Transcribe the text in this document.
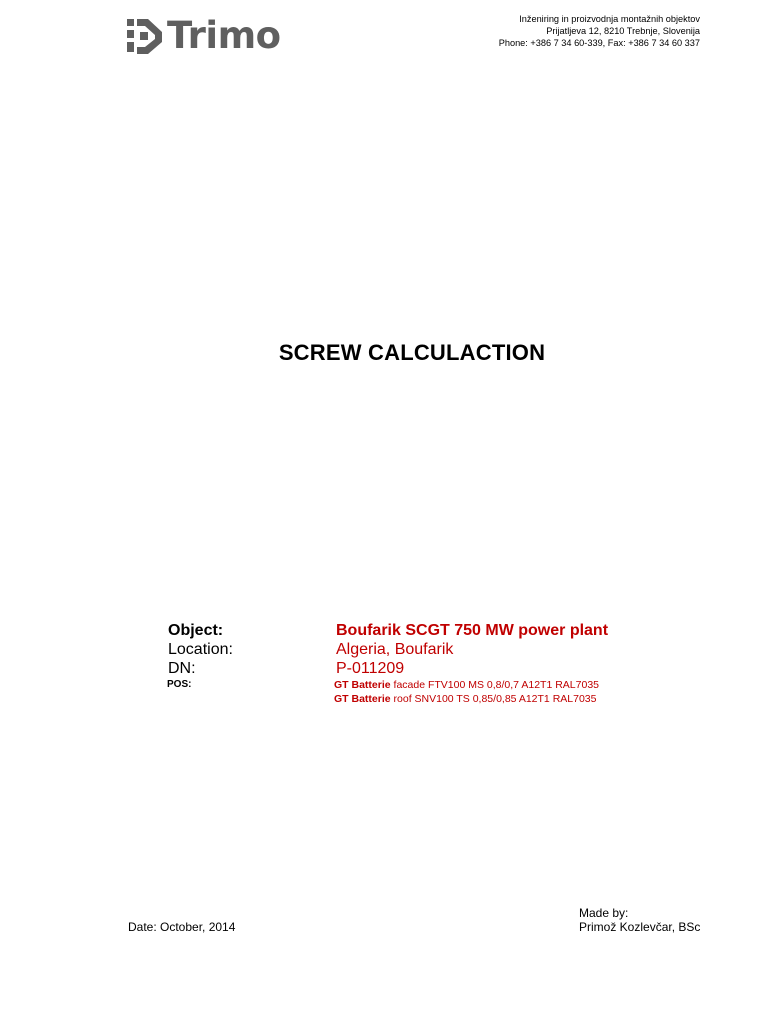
Trimo	Inženiring in proizvodnja montažnih objektov
Prijatljeva 12, 8210 Trebnje, Slovenija
Phone: +386 7 34 60-339, Fax: +386 7 34 60 337
SCREW CALCULACTION
Object:	Boufarik SCGT 750 MW power plant
Location:	Algeria, Boufarik
DN:	P-011209
POS:	GT Batterie facade FTV100 MS 0,8/0,7 A12T1 RAL7035
GT Batterie roof SNV100 TS 0,85/0,85 A12T1 RAL7035
Date: October, 2014
Made by:
Primož Kozlevčar, BSc
